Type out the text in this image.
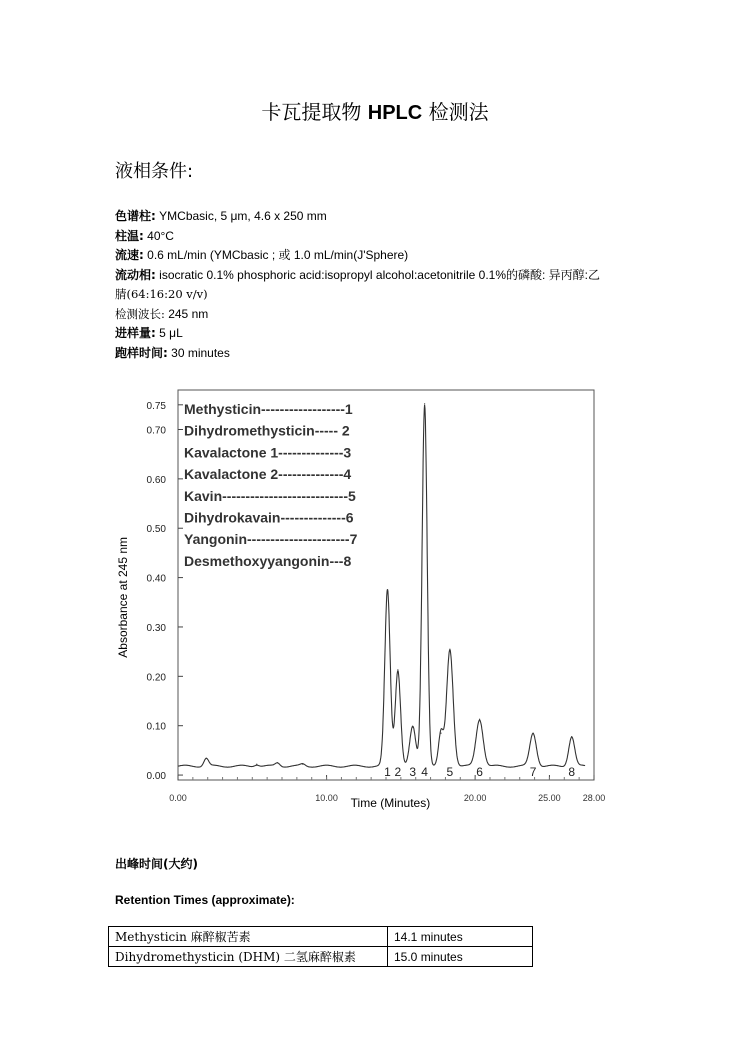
卡瓦提取物 HPLC 检测法
液相条件:
色谱柱: YMCbasic, 5 μm, 4.6 x 250 mm
柱温: 40°C
流速: 0.6 mL/min (YMCbasic ; 或 1.0 mL/min(J'Sphere)
流动相: isocratic 0.1% phosphoric acid:isopropyl alcohol:acetonitrile 0.1%的磷酸: 异丙醇:乙
腈(64:16:20 v/v)
检测波长: 245 nm
进样量: 5 μL
跑样时间: 30 minutes
0.00
0.10
0.20
0.30
0.40
0.50
0.60
0.70
0.75
0.00	10.00	20.00	25.00 28.00
Methysticin------------------1
Dihydromethysticin----- 2
Kavalactone 1--------------3
Kavalactone 2--------------4
Kavin---------------------------5
Dihydrokavain--------------6
Yangonin----------------------7
Desmethoxyyangonin---8
1 2 3 4 5 6	7	8
Time (Minutes)
Absorbance at 245 nm
出峰时间(大约)
Retention Times (approximate):
Methysticin 麻醉椒苦素	14.1 minutes
Dihydromethysticin (DHM) 二氢麻醉椒素	15.0 minutes
